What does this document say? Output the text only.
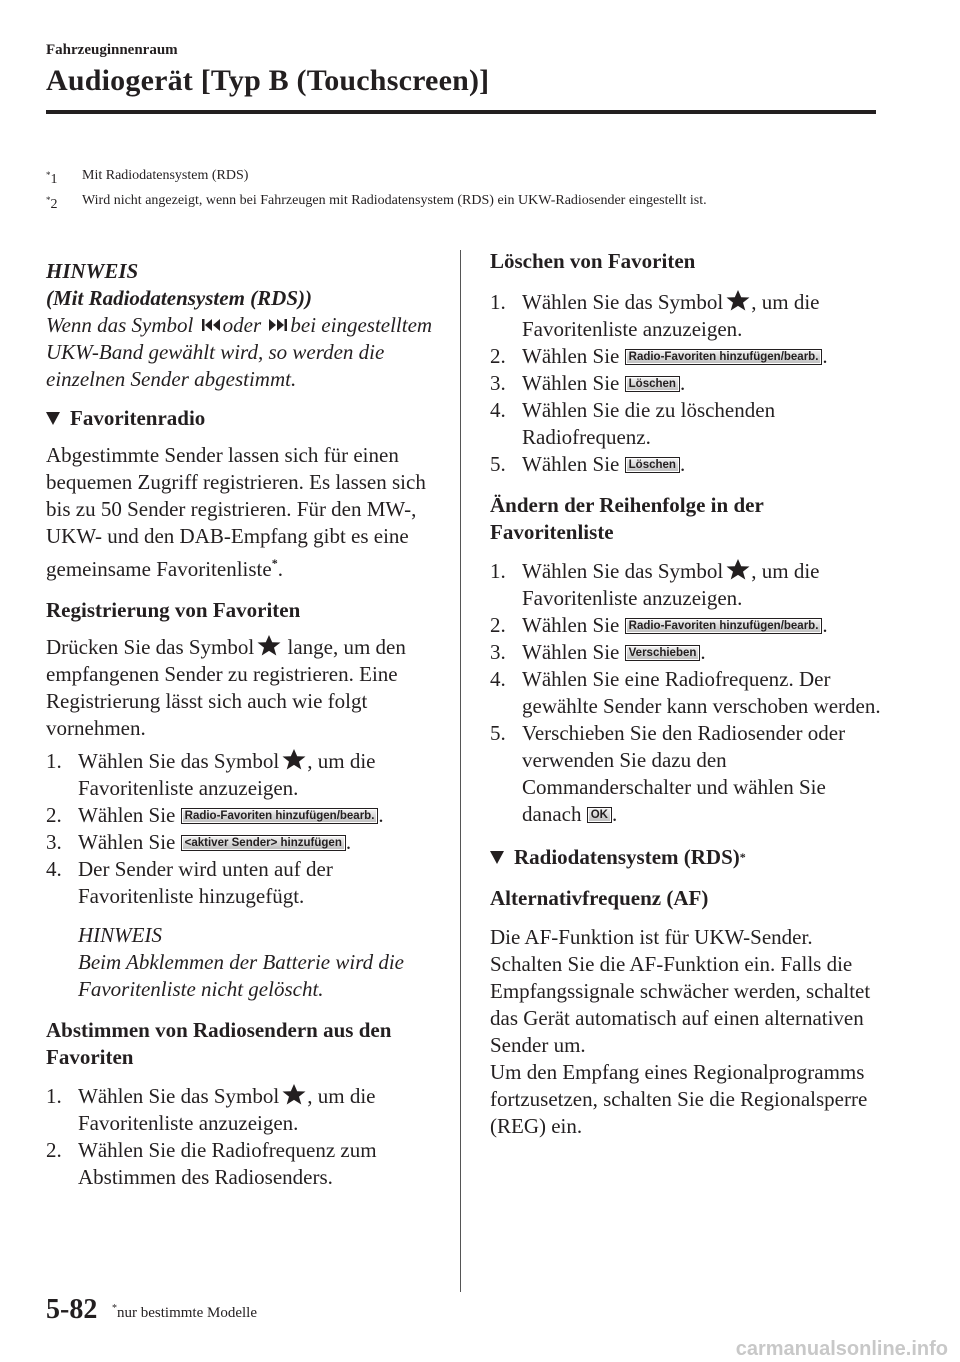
Fahrzeuginnenraum
Audiogerät [Typ B (Touchscreen)]
*1	Mit Radiodatensystem (RDS)
*2	Wird nicht angezeigt, wenn bei Fahrzeugen mit Radiodatensystem (RDS) ein UKW-Radiosender eingestellt ist.

HINWEIS

(Mit Radiodatensystem (RDS))

Wenn das Symbol oder bei eingestelltem UKW-Band gewählt wird, so werden die einzelnen Sender abgestimmt.

Favoritenradio

Abgestimmte Sender lassen sich für einen bequemen Zugriff registrieren. Es lassen sich bis zu 50 Sender registrieren. Für den MW-, UKW- und den DAB-Empfang gibt es eine gemeinsame Favoritenliste*.

Registrierung von Favoriten

Drücken Sie das Symbol lange, um den empfangenen Sender zu registrieren. Eine Registrierung lässt sich auch wie folgt vornehmen.

1. Wählen Sie das Symbol , um die Favoritenliste anzuzeigen.
2. Wählen Sie Radio-Favoriten hinzufügen/bearb. .
3. Wählen Sie <aktiver Sender> hinzufügen .
4. Der Sender wird unten auf der Favoritenliste hinzugefügt.

HINWEIS

Beim Abklemmen der Batterie wird die Favoritenliste nicht gelöscht.

Abstimmen von Radiosendern aus den Favoriten

1. Wählen Sie das Symbol , um die Favoritenliste anzuzeigen.
2. Wählen Sie die Radiofrequenz zum Abstimmen des Radiosenders.

Löschen von Favoriten

1. Wählen Sie das Symbol , um die Favoritenliste anzuzeigen.
2. Wählen Sie Radio-Favoriten hinzufügen/bearb. .
3. Wählen Sie Löschen .
4. Wählen Sie die zu löschenden Radiofrequenz.
5. Wählen Sie Löschen .

Ändern der Reihenfolge in der Favoritenliste

1. Wählen Sie das Symbol , um die Favoritenliste anzuzeigen.
2. Wählen Sie Radio-Favoriten hinzufügen/bearb. .
3. Wählen Sie Verschieben .
4. Wählen Sie eine Radiofrequenz. Der gewählte Sender kann verschoben werden.
5. Verschieben Sie den Radiosender oder verwenden Sie dazu den Commanderschalter und wählen Sie danach OK .
Radiodatensystem (RDS) *

Alternativfrequenz (AF)

Die AF-Funktion ist für UKW-Sender. Schalten Sie die AF-Funktion ein. Falls die Empfangssignale schwächer werden, schaltet das Gerät automatisch auf einen alternativen Sender um.

Um den Empfang eines Regionalprogramms fortzusetzen, schalten Sie die Regionalsperre (REG) ein.

5-82 *nur bestimmte Modelle
carmanualsonline.info
